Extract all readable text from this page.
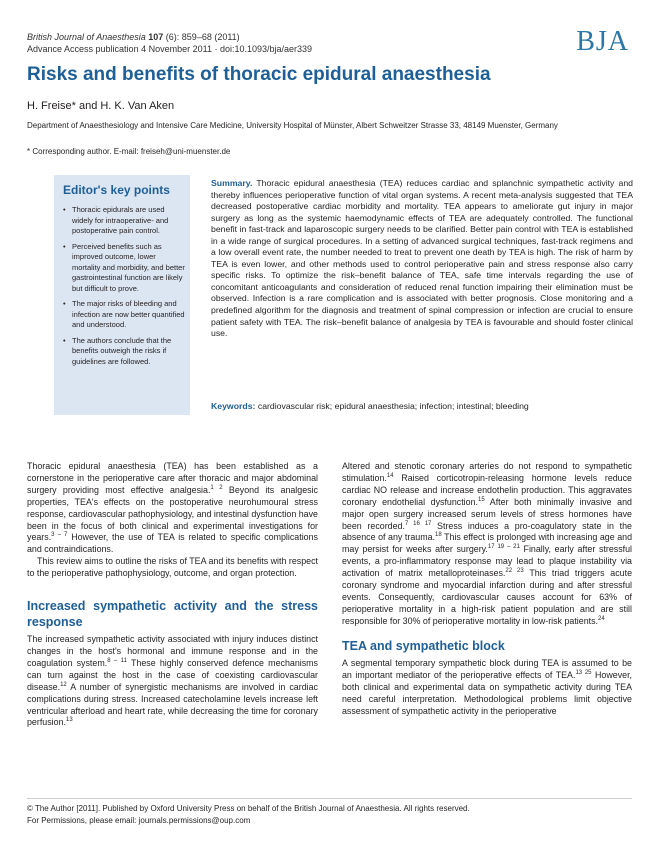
British Journal of Anaesthesia 107 (6): 859–68 (2011)
Advance Access publication 4 November 2011 · doi:10.1093/bja/aer339	BJA
Risks and benefits of thoracic epidural anaesthesia
H. Freise* and H. K. Van Aken
Department of Anaesthesiology and Intensive Care Medicine, University Hospital of Münster, Albert Schweitzer Strasse 33, 48149 Muenster, Germany
* Corresponding author. E-mail: freiseh@uni-muenster.de
Editor's key points
• Thoracic epidurals are used widely for intraoperative- and postoperative pain control.
• Perceived benefits such as improved outcome, lower mortality and morbidity, and better gastrointestinal function are likely but difficult to prove.
• The major risks of bleeding and infection are now better quantified and understood.
• The authors conclude that the benefits outweigh the risks if guidelines are followed.
Summary. Thoracic epidural anaesthesia (TEA) reduces cardiac and splanchnic sympathetic activity and thereby influences perioperative function of vital organ systems. A recent meta-analysis suggested that TEA decreased postoperative cardiac morbidity and mortality. TEA appears to ameliorate gut injury in major surgery as long as the systemic haemodynamic effects of TEA are adequately controlled. The functional benefit in fast-track and laparoscopic surgery needs to be clarified. Better pain control with TEA is established in a wide range of surgical procedures. In a setting of advanced surgical techniques, fast-track regimens and a low overall event rate, the number needed to treat to prevent one death by TEA is high. The risk of harm by TEA is even lower, and other methods used to control perioperative pain and stress response also carry specific risks. To optimize the risk–benefit balance of TEA, safe time intervals regarding the use of concomitant anticoagulants and consideration of reduced renal function impairing their elimination must be observed. Infection is a rare complication and is associated with better prognosis. Close monitoring and a predefined algorithm for the diagnosis and treatment of spinal compression or infection are crucial to ensure patient safety with TEA. The risk–benefit balance of analgesia by TEA is favourable and should foster clinical use.
Keywords: cardiovascular risk; epidural anaesthesia; infection; intestinal; bleeding

Thoracic epidural anaesthesia (TEA) has been established as a cornerstone in the perioperative care after thoracic and major abdominal surgery providing most effective analgesia.$^{1 2}$ Beyond its analgesic properties, TEA's effects on the postoperative neurohumoural stress response, cardiovascular pathophysiology, and intestinal dysfunction have been in the focus of both clinical and experimental investigations for years.$^{3 - 7}$ However, the use of TEA is related to specific complications and contraindications.

This review aims to outline the risks of TEA and its benefits with respect to the perioperative pathophysiology, outcome, and organ protection.

Increased sympathetic activity and the stress response

The increased sympathetic activity associated with injury induces distinct changes in the host's hormonal and immune response and in the coagulation system.$^{8 - 11}$ These highly conserved defence mechanisms can turn against the host in the case of coexisting cardiovascular disease.$^{12}$ A number of synergistic mechanisms are involved in cardiac complications during stress. Increased catecholamine levels increase left ventricular afterload and heart rate, while decreasing the time for coronary perfusion.$^{13}$

Altered and stenotic coronary arteries do not respond to sympathetic stimulation.$^{14}$ Raised corticotropin-releasing hormone levels reduce cardiac NO release and increase endothelin production. This aggravates coronary endothelial dysfunction.$^{15}$ After both minimally invasive and major open surgery increased serum levels of stress hormones have been recorded.$^{7 16 17}$ Stress induces a pro-coagulatory state in the absence of any trauma.$^{18}$ This effect is prolonged with increasing age and may persist for weeks after surgery.$^{17 19 - 21}$ Finally, early after stressful events, a pro-inflammatory response may lead to plaque instability via activation of matrix metalloproteinases.$^{22 23}$ This triad triggers acute coronary syndrome and myocardial infarction during and after stressful events. Consequently, cardiovascular causes account for 63% of perioperative mortality in a high-risk patient population and are still responsible for 30% of perioperative mortality in low-risk patients.$^{24}$

TEA and sympathetic block

A segmental temporary sympathetic block during TEA is assumed to be an important mediator of the perioperative effects of TEA.$^{13 25}$ However, both clinical and experimental data on sympathetic activity during TEA need careful interpretation. Methodological problems limit objective assessment of sympathetic activity in the perioperative

© The Author [2011]. Published by Oxford University Press on behalf of the British Journal of Anaesthesia. All rights reserved.
For Permissions, please email: journals.permissions@oup.com
